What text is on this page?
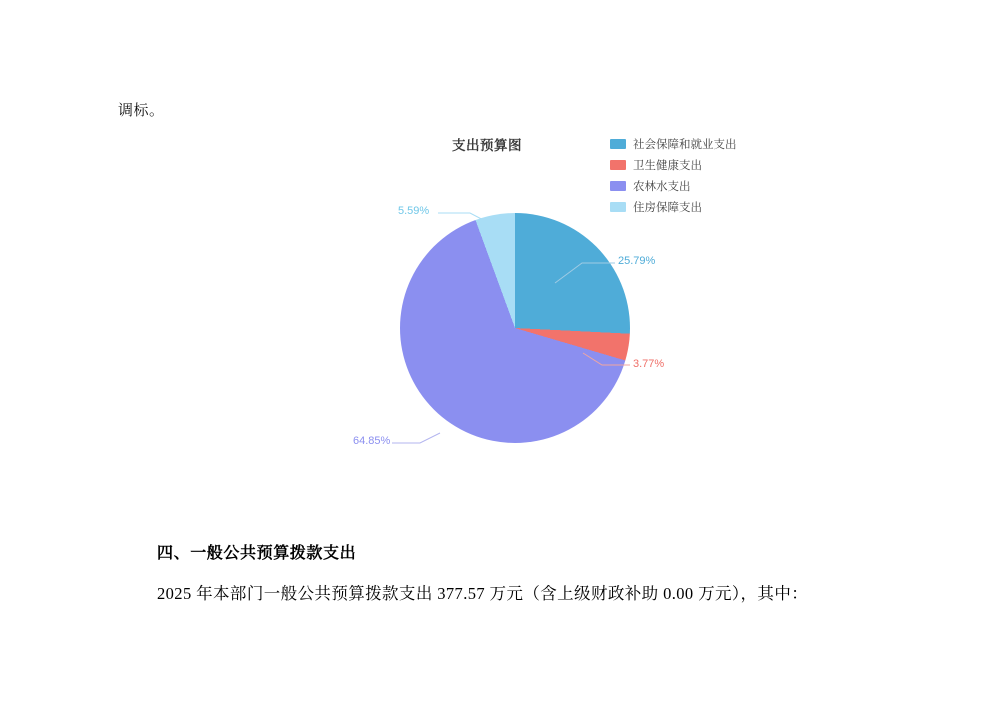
调标。
支出预算图	社会保障和就业支出
卫生健康支出
农林水支出
住房保障支出
25.79%
3.77%
64.85%
5.59%
四、一般公共预算拨款支出
2025 年本部门一般公共预算拨款支出 377.57 万元（含上级财政补助 0.00 万元），其中：
